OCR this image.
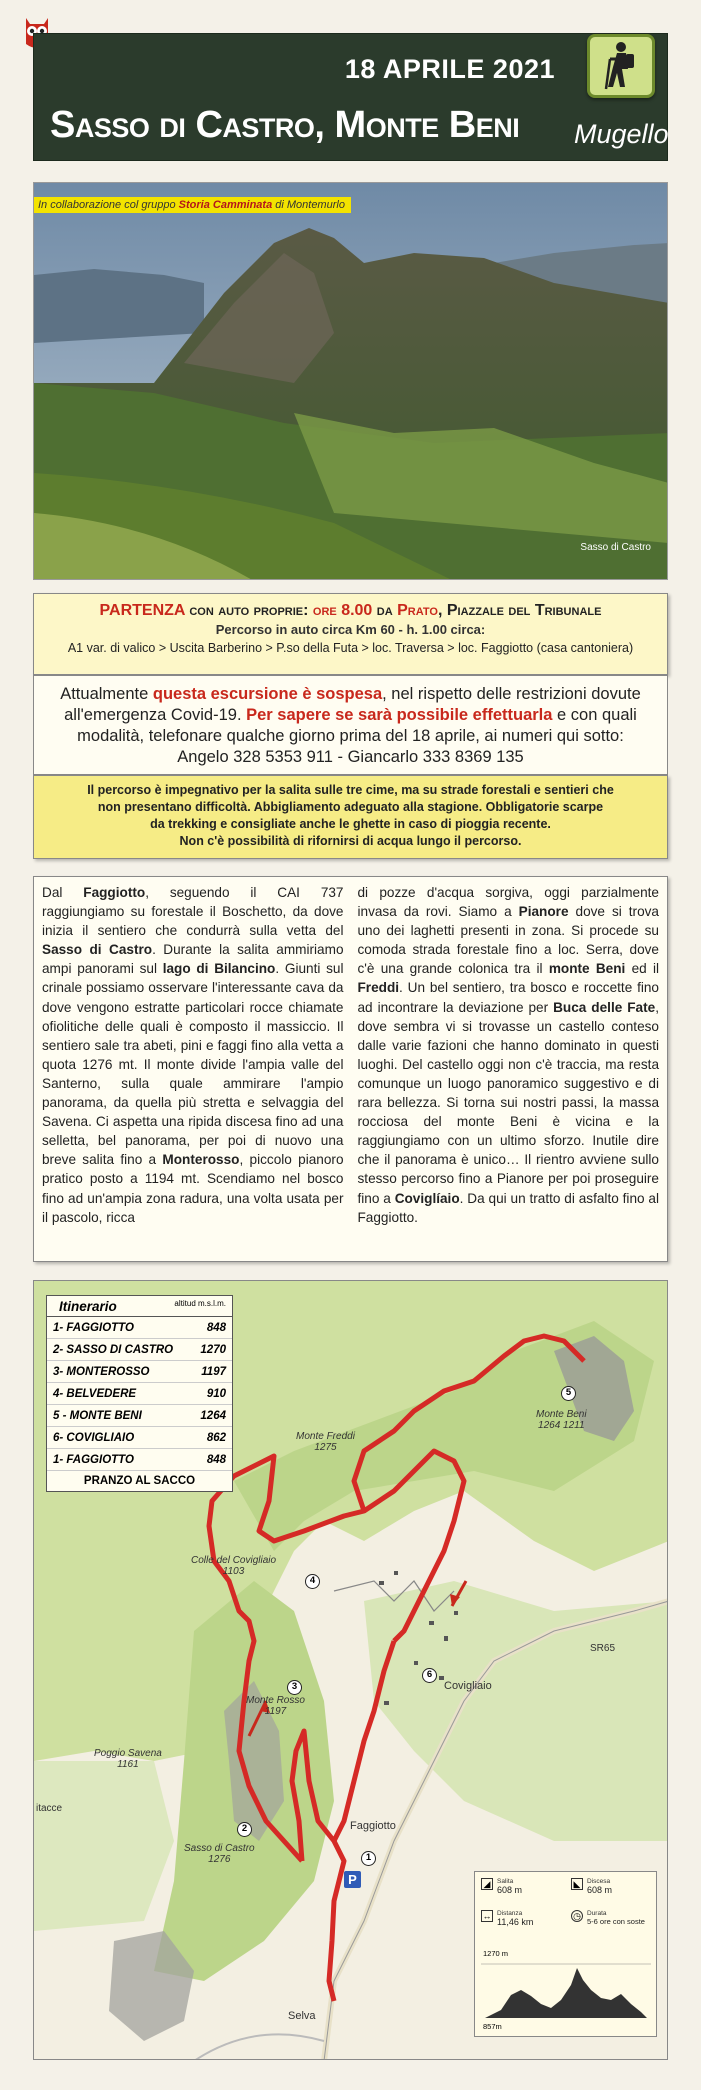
18 APRILE 2021
Sasso di Castro, Monte Beni Mugello
In collaborazione col gruppo Storia Camminata di Montemurlo
Sasso di Castro
PARTENZA con auto proprie: ore 8.00 da Prato, Piazzale del Tribunale
Percorso in auto circa Km 60 - h. 1.00 circa:
A1 var. di valico > Uscita Barberino > P.so della Futa > loc. Traversa > loc. Faggiotto (casa cantoniera)
Attualmente questa escursione è sospesa, nel rispetto delle restrizioni dovute all'emergenza Covid-19. Per sapere se sarà possibile effettuarla e con quali modalità, telefonare qualche giorno prima del 18 aprile, ai numeri qui sotto:
Angelo 328 5353 911 - Giancarlo 333 8369 135
Il percorso è impegnativo per la salita sulle tre cime, ma su strade forestali e sentieri che
non presentano difficoltà. Abbigliamento adeguato alla stagione. Obbligatorie scarpe
da trekking e consigliate anche le ghette in caso di pioggia recente.
Non c'è possibilità di rifornirsi di acqua lungo il percorso.
Dal Faggiotto, seguendo il CAI 737 raggiungiamo su forestale il Boschetto, da dove inizia il sentiero che condurrà sulla vetta del Sasso di Castro. Durante la salita ammiriamo ampi panorami sul lago di Bilancino. Giunti sul crinale possiamo osservare l'interessante cava da dove vengono estratte particolari rocce chiamate ofiolitiche delle quali è composto il massiccio. Il sentiero sale tra abeti, pini e faggi fino alla vetta a quota 1276 mt. Il monte divide l'ampia valle del Santerno, sulla quale ammirare l'ampio panorama, da quella più stretta e selvaggia del Savena. Ci aspetta una ripida discesa fino ad una selletta, bel panorama, per poi di nuovo una breve salita fino a Monterosso, piccolo pianoro pratico posto a 1194 mt. Scendiamo nel bosco fino ad un'ampia zona radura, una volta usata per il pascolo, ricca
di pozze d'acqua sorgiva, oggi parzialmente invasa da rovi. Siamo a Pianore dove si trova uno dei laghetti presenti in zona. Si procede su comoda strada forestale fino a loc. Serra, dove c'è una grande colonica tra il monte Beni ed il Freddi. Un bel sentiero, tra bosco e roccette fino ad incontrare la deviazione per Buca delle Fate, dove sembra vi si trovasse un castello conteso dalle varie fazioni che hanno dominato in questi luoghi. Del castello oggi non c'è traccia, ma resta comunque un luogo panoramico suggestivo e di rara bellezza. Si torna sui nostri passi, la massa rocciosa del monte Beni è vicina e la raggiungiamo con un ultimo sforzo. Inutile dire che il panorama è unico… Il rientro avviene sullo stesso percorso fino a Pianore per poi proseguire fino a Coviglíaio. Da qui un tratto di asfalto fino al Faggiotto.
Itinerario	altitud m.s.l.m.
1- FAGGIOTTO	848
2- SASSO DI CASTRO 1270
3- MONTEROSSO	1197
4- BELVEDERE	910
5 - MONTE BENI	1264
6- COVIGLIAIO	862
1- FAGGIOTTO	848
PRANZO AL SACCO
Monte Freddi
1275
Monte Beni
1264 1211
Colle del Covigliaio
1103
Monte Rosso
1197
Poggio Savena
1161
Sasso di Castro
1276
Covigliaio
Faggiotto
SR65
Selva
itacce
1
2
3
4
5
6
P	◢	Salita
608 m
◣	Discesa
608 m
↔ Distanza
11,46 km
◷ Durata
5-6 ore con soste
1270 m
857m
